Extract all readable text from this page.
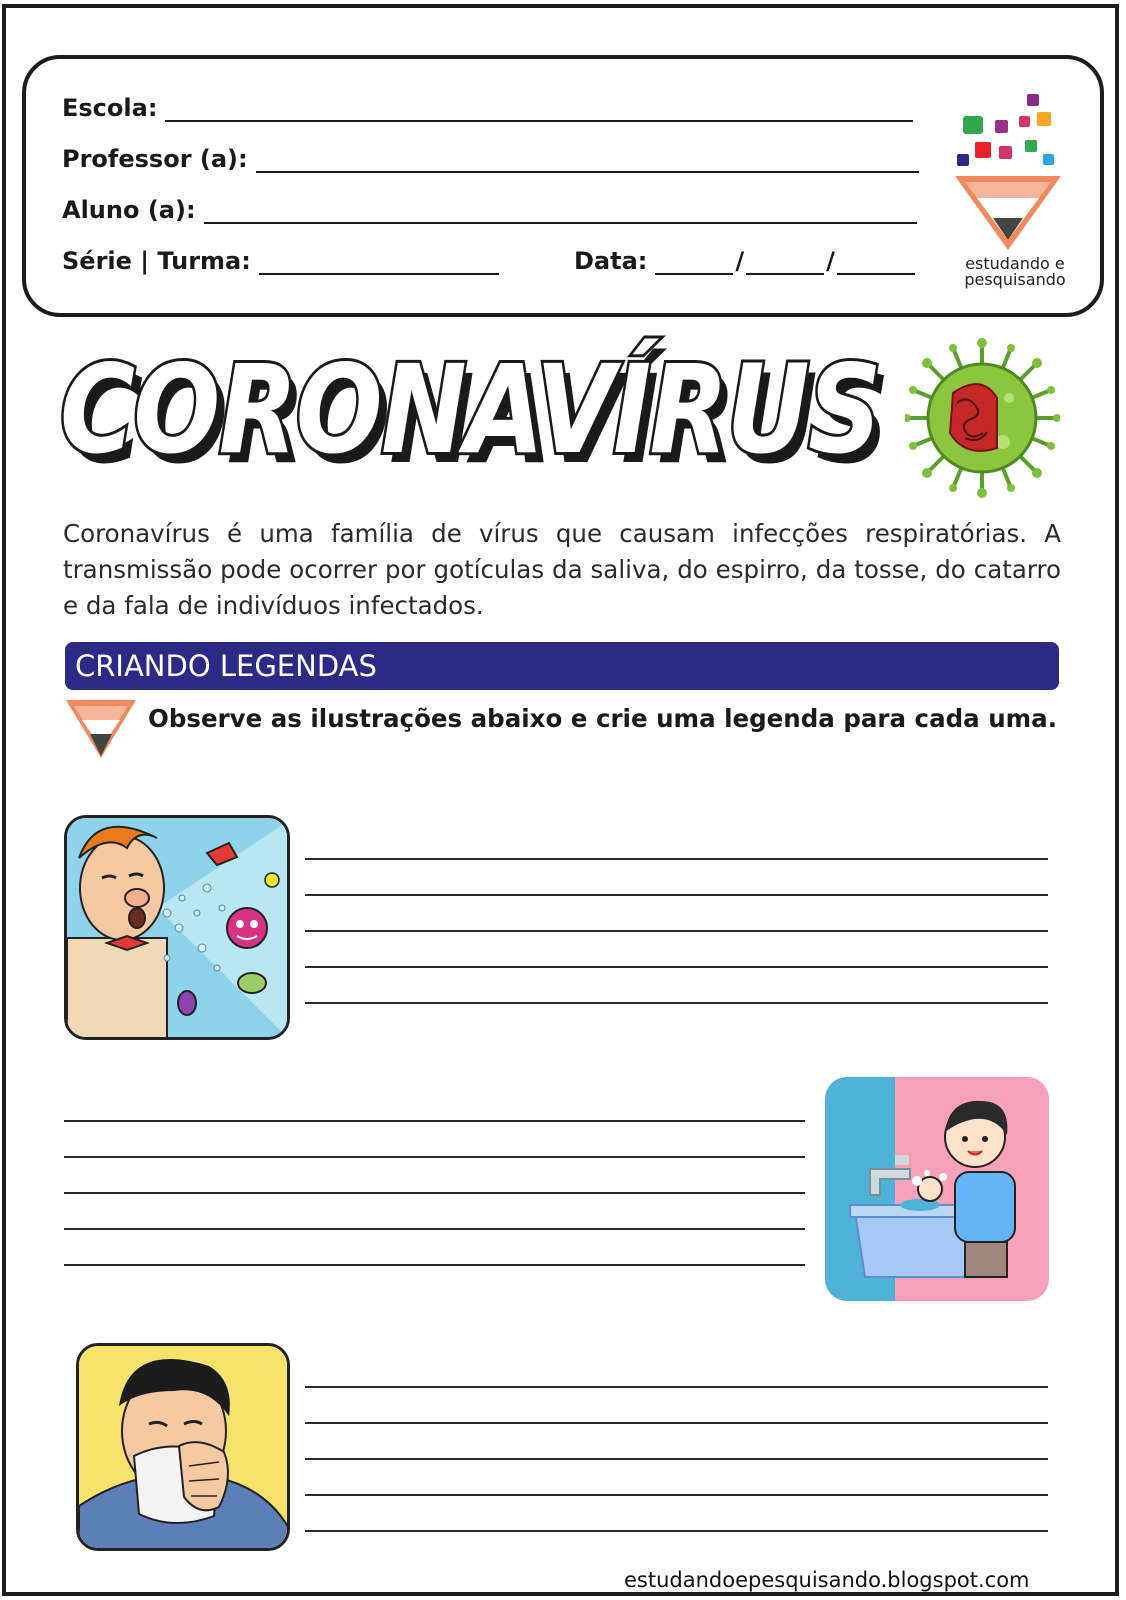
Escola:
Professor (a):
Aluno (a):
Série | Turma:	Data:	/	/	estudando e
pesquisando
CORONAVÍRUS
CORONAVÍRUS
Coronavírus é uma família de vírus que causam infecções respiratórias. A transmissão pode ocorrer por gotículas da saliva, do espirro, da tosse, do catarro e da fala de indivíduos infectados.
CRIANDO LEGENDAS
Observe as ilustrações abaixo e crie uma legenda para cada uma.
estudandoepesquisando.blogspot.com
